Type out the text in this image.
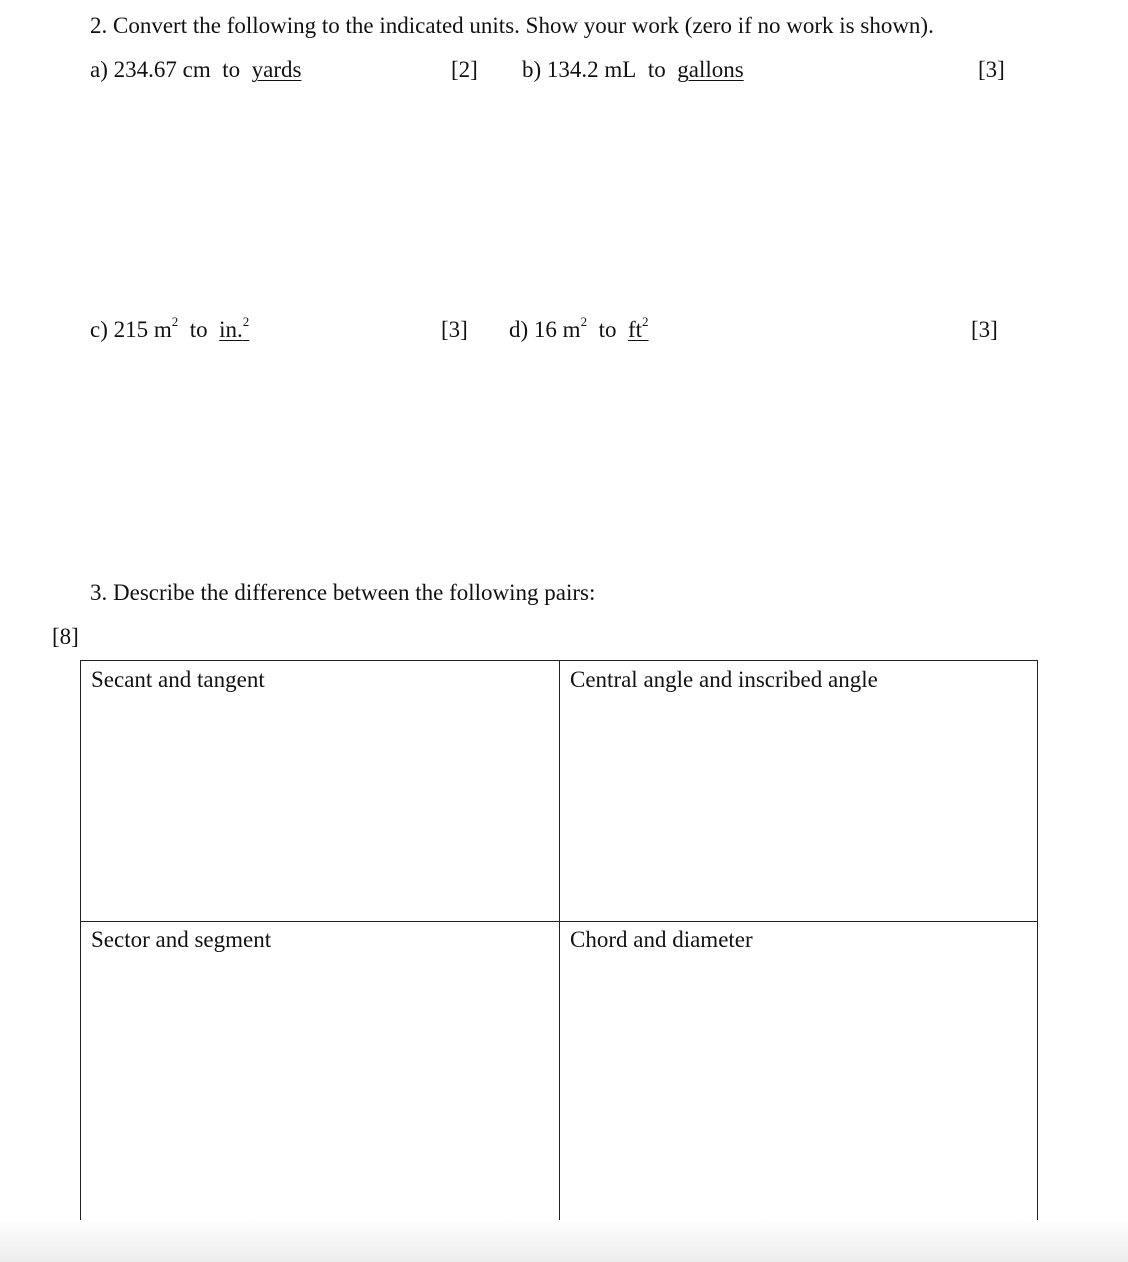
2. Convert the following to the indicated units. Show your work (zero if no work is shown).
a) 234.67 cm to yards	[2] b) 134.2 mL to gallons	[3]
c) 215 $m^2$ to in.$^2$	[3] d) 16 $m^2$ to $ft^2$	[3]
3. Describe the difference between the following pairs:
[8]
Secant and tangent	Central angle and inscribed angle
Sector and segment	Chord and diameter
